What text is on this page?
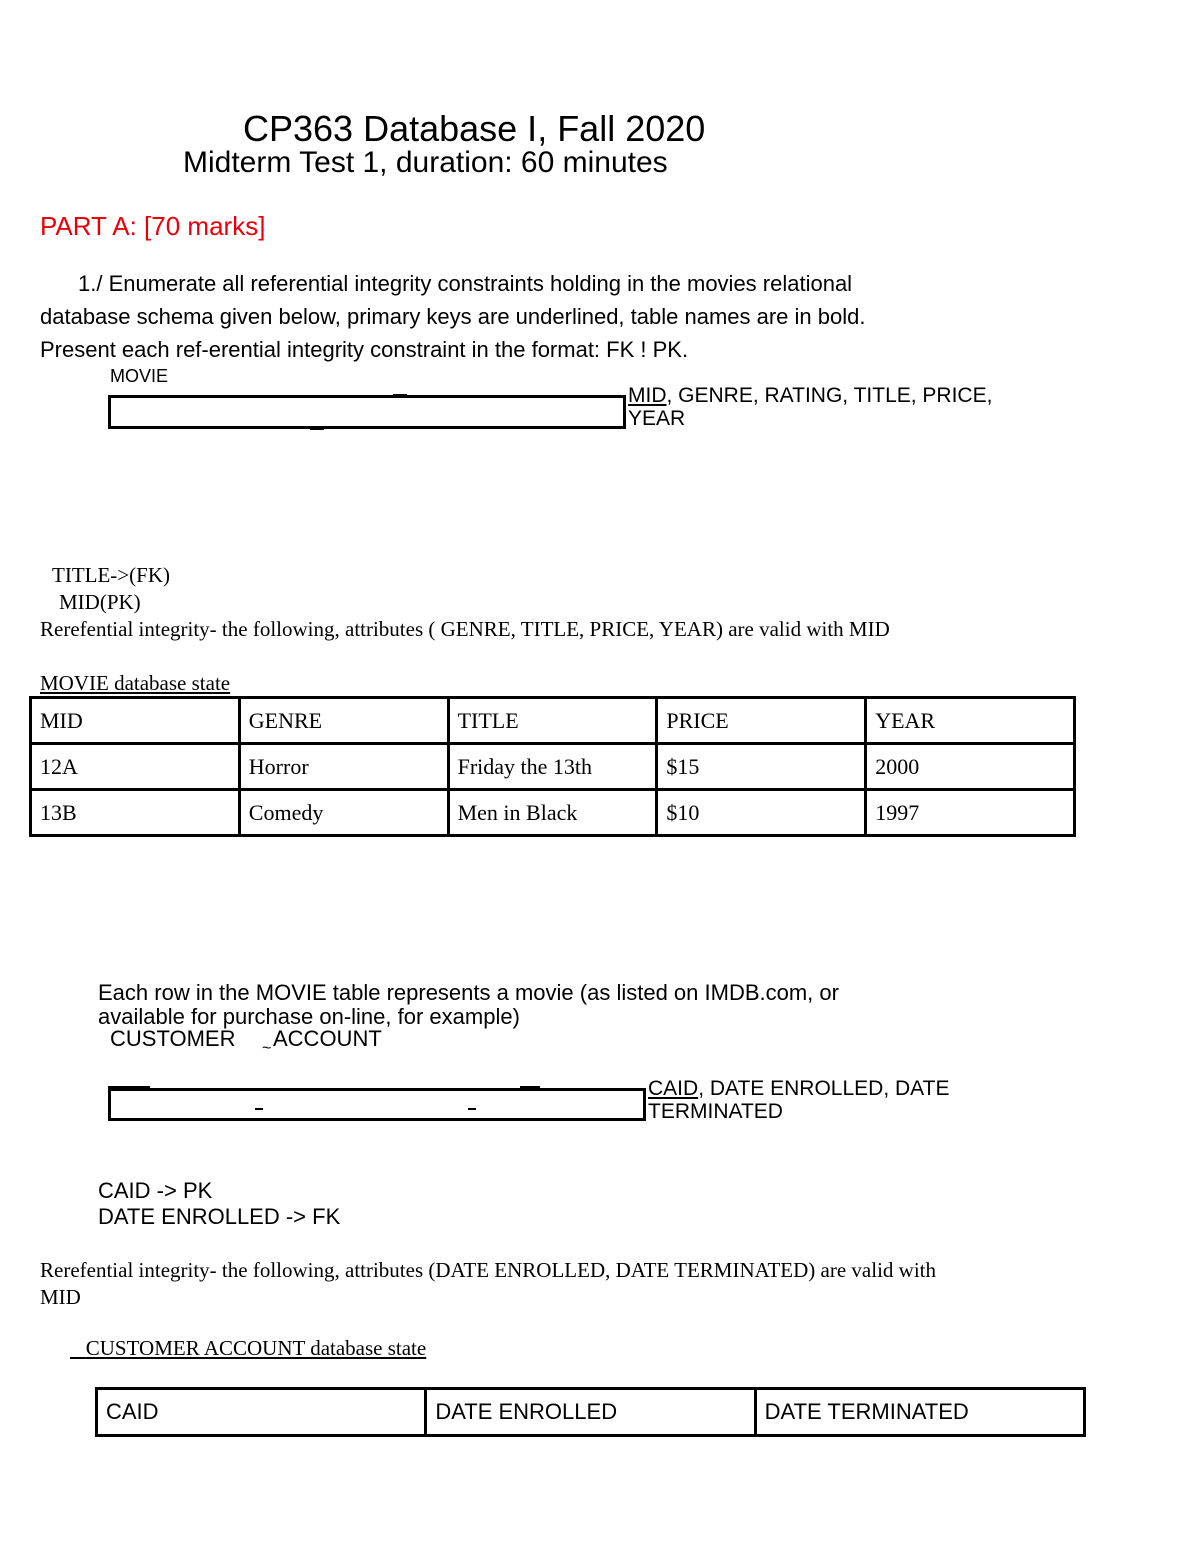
CP363 Database I, Fall 2020
Midterm Test 1, duration: 60 minutes
PART A: [70 marks]
1./ Enumerate all referential integrity constraints holding in the movies relational
database schema given below, primary keys are underlined, table names are in bold.
Present each ref-erential integrity constraint in the format: FK ! PK.
MOVIE
MID, GENRE, RATING, TITLE, PRICE,
YEAR
TITLE->(FK)
MID(PK)
Rerefential integrity- the following, attributes ( GENRE, TITLE, PRICE, YEAR) are valid with MID
MOVIE database state
MID	GENRE	TITLE	PRICE	YEAR
12A	Horror	Friday the 13th	$15	2000
13B	Comedy	Men in Black	$10	1997
Each row in the MOVIE table represents a movie (as listed on IMDB.com, or
available for purchase on-line, for example)
CUSTOMER ACCOUNT
~
CAID, DATE ENROLLED, DATE
TERMINATED
CAID -> PK
DATE ENROLLED -> FK
Rerefential integrity- the following, attributes (DATE ENROLLED, DATE TERMINATED) are valid with
MID
CUSTOMER ACCOUNT database state
CAID	DATE ENROLLED	DATE TERMINATED
